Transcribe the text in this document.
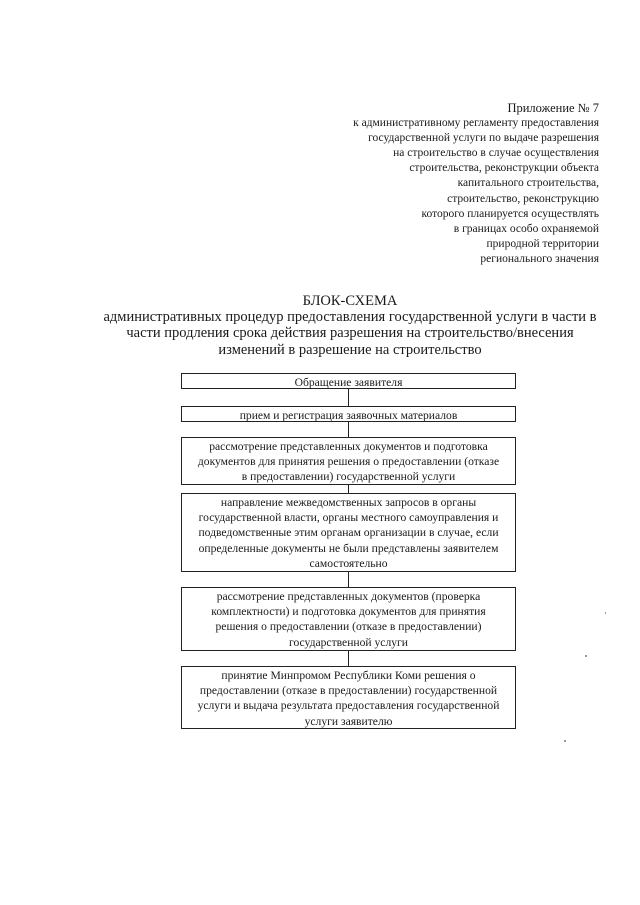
Приложение № 7
к административному регламенту предоставления
государственной услуги по выдаче разрешения
на строительство в случае осуществления
строительства, реконструкции объекта
капитального строительства,
строительство, реконструкцию
которого планируется осуществлять
в границах особо охраняемой
природной территории
регионального значения
БЛОК-СХЕМА
административных процедур предоставления государственной услуги в части в
части продления срока действия разрешения на строительство/внесения
изменений в разрешение на строительство
Обращение заявителя
прием и регистрация заявочных материалов
рассмотрение представленных документов и подготовка
документов для принятия решения о предоставлении (отказе
в предоставлении) государственной услуги
направление межведомственных запросов в органы
государственной власти, органы местного самоуправления и
подведомственные этим органам организации в случае, если
определенные документы не были представлены заявителем
самостоятельно
рассмотрение представленных документов (проверка
комплектности) и подготовка документов для принятия
решения о предоставлении (отказе в предоставлении)
государственной услуги
принятие Минпромом Республики Коми решения о
предоставлении (отказе в предоставлении) государственной
услуги и выдача результата предоставления государственной
услуги заявителю
